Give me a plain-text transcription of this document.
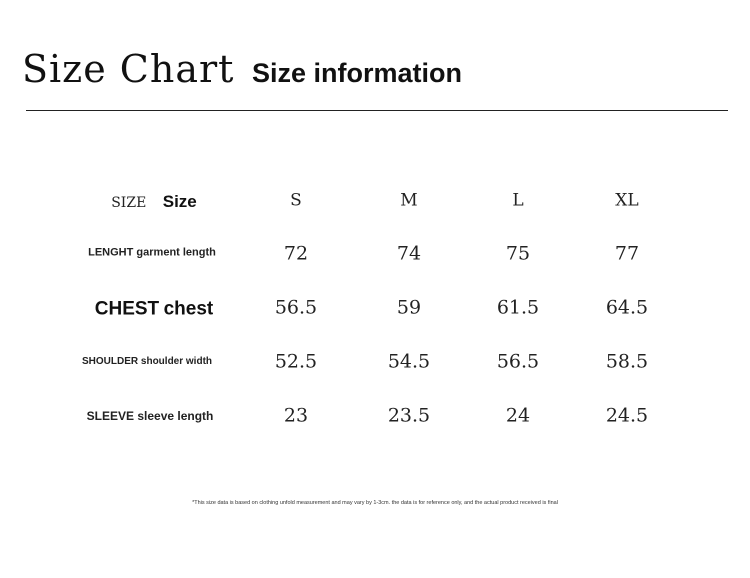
Size Chart Size information
SIZE Size	S	M	L	XL
LENGHT garment length	72	74	75	77
CHEST chest	56.5	59	61.5	64.5
SHOULDER shoulder width	52.5	54.5	56.5	58.5
SLEEVE sleeve length	23	23.5	24	24.5
*This size data is based on clothing unfold measurement and may vary by 1-3cm. the data is for reference only, and the actual product received is final
